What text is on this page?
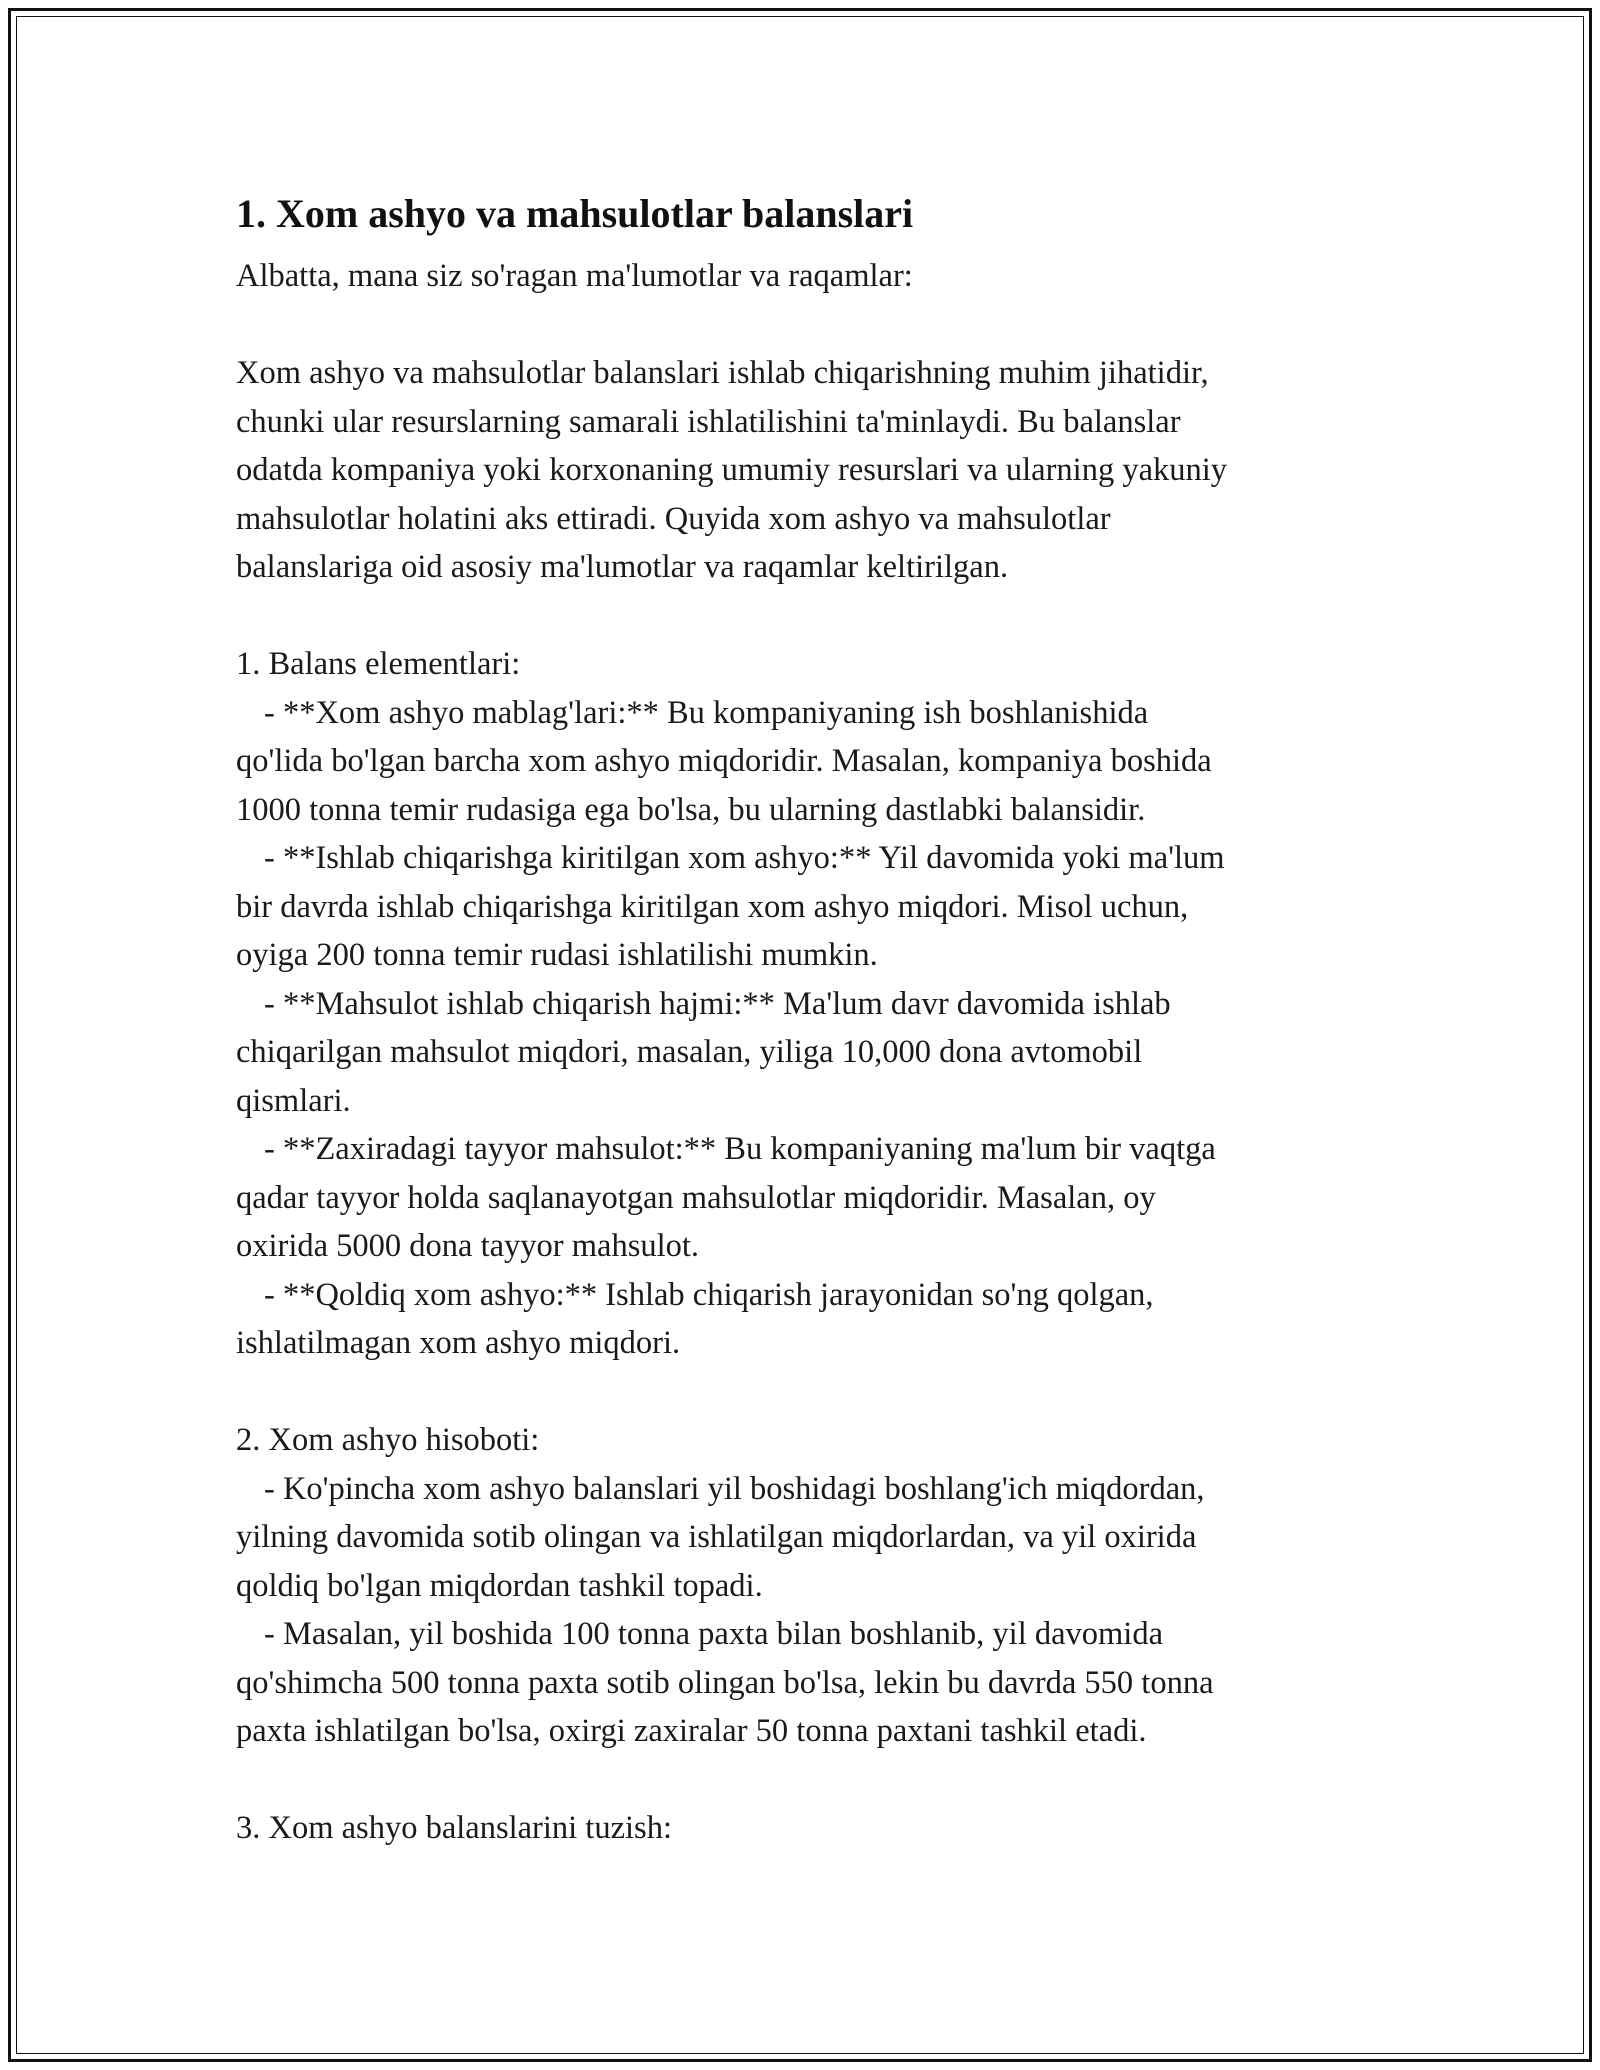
1. Xom ashyo va mahsulotlar balanslari

Albatta, mana siz so'ragan ma'lumotlar va raqamlar:

Xom ashyo va mahsulotlar balanslari ishlab chiqarishning muhim jihatidir,

chunki ular resurslarning samarali ishlatilishini ta'minlaydi. Bu balanslar

odatda kompaniya yoki korxonaning umumiy resurslari va ularning yakuniy

mahsulotlar holatini aks ettiradi. Quyida xom ashyo va mahsulotlar

balanslariga oid asosiy ma'lumotlar va raqamlar keltirilgan.

1. Balans elementlari:

- **Xom ashyo mablag'lari:** Bu kompaniyaning ish boshlanishida

qo'lida bo'lgan barcha xom ashyo miqdoridir. Masalan, kompaniya boshida

1000 tonna temir rudasiga ega bo'lsa, bu ularning dastlabki balansidir.

- **Ishlab chiqarishga kiritilgan xom ashyo:** Yil davomida yoki ma'lum

bir davrda ishlab chiqarishga kiritilgan xom ashyo miqdori. Misol uchun,

oyiga 200 tonna temir rudasi ishlatilishi mumkin.

- **Mahsulot ishlab chiqarish hajmi:** Ma'lum davr davomida ishlab

chiqarilgan mahsulot miqdori, masalan, yiliga 10,000 dona avtomobil

qismlari.

- **Zaxiradagi tayyor mahsulot:** Bu kompaniyaning ma'lum bir vaqtga

qadar tayyor holda saqlanayotgan mahsulotlar miqdoridir. Masalan, oy

oxirida 5000 dona tayyor mahsulot.

- **Qoldiq xom ashyo:** Ishlab chiqarish jarayonidan so'ng qolgan,

ishlatilmagan xom ashyo miqdori.

2. Xom ashyo hisoboti:

- Ko'pincha xom ashyo balanslari yil boshidagi boshlang'ich miqdordan,

yilning davomida sotib olingan va ishlatilgan miqdorlardan, va yil oxirida

qoldiq bo'lgan miqdordan tashkil topadi.

- Masalan, yil boshida 100 tonna paxta bilan boshlanib, yil davomida

qo'shimcha 500 tonna paxta sotib olingan bo'lsa, lekin bu davrda 550 tonna

paxta ishlatilgan bo'lsa, oxirgi zaxiralar 50 tonna paxtani tashkil etadi.

3. Xom ashyo balanslarini tuzish:
